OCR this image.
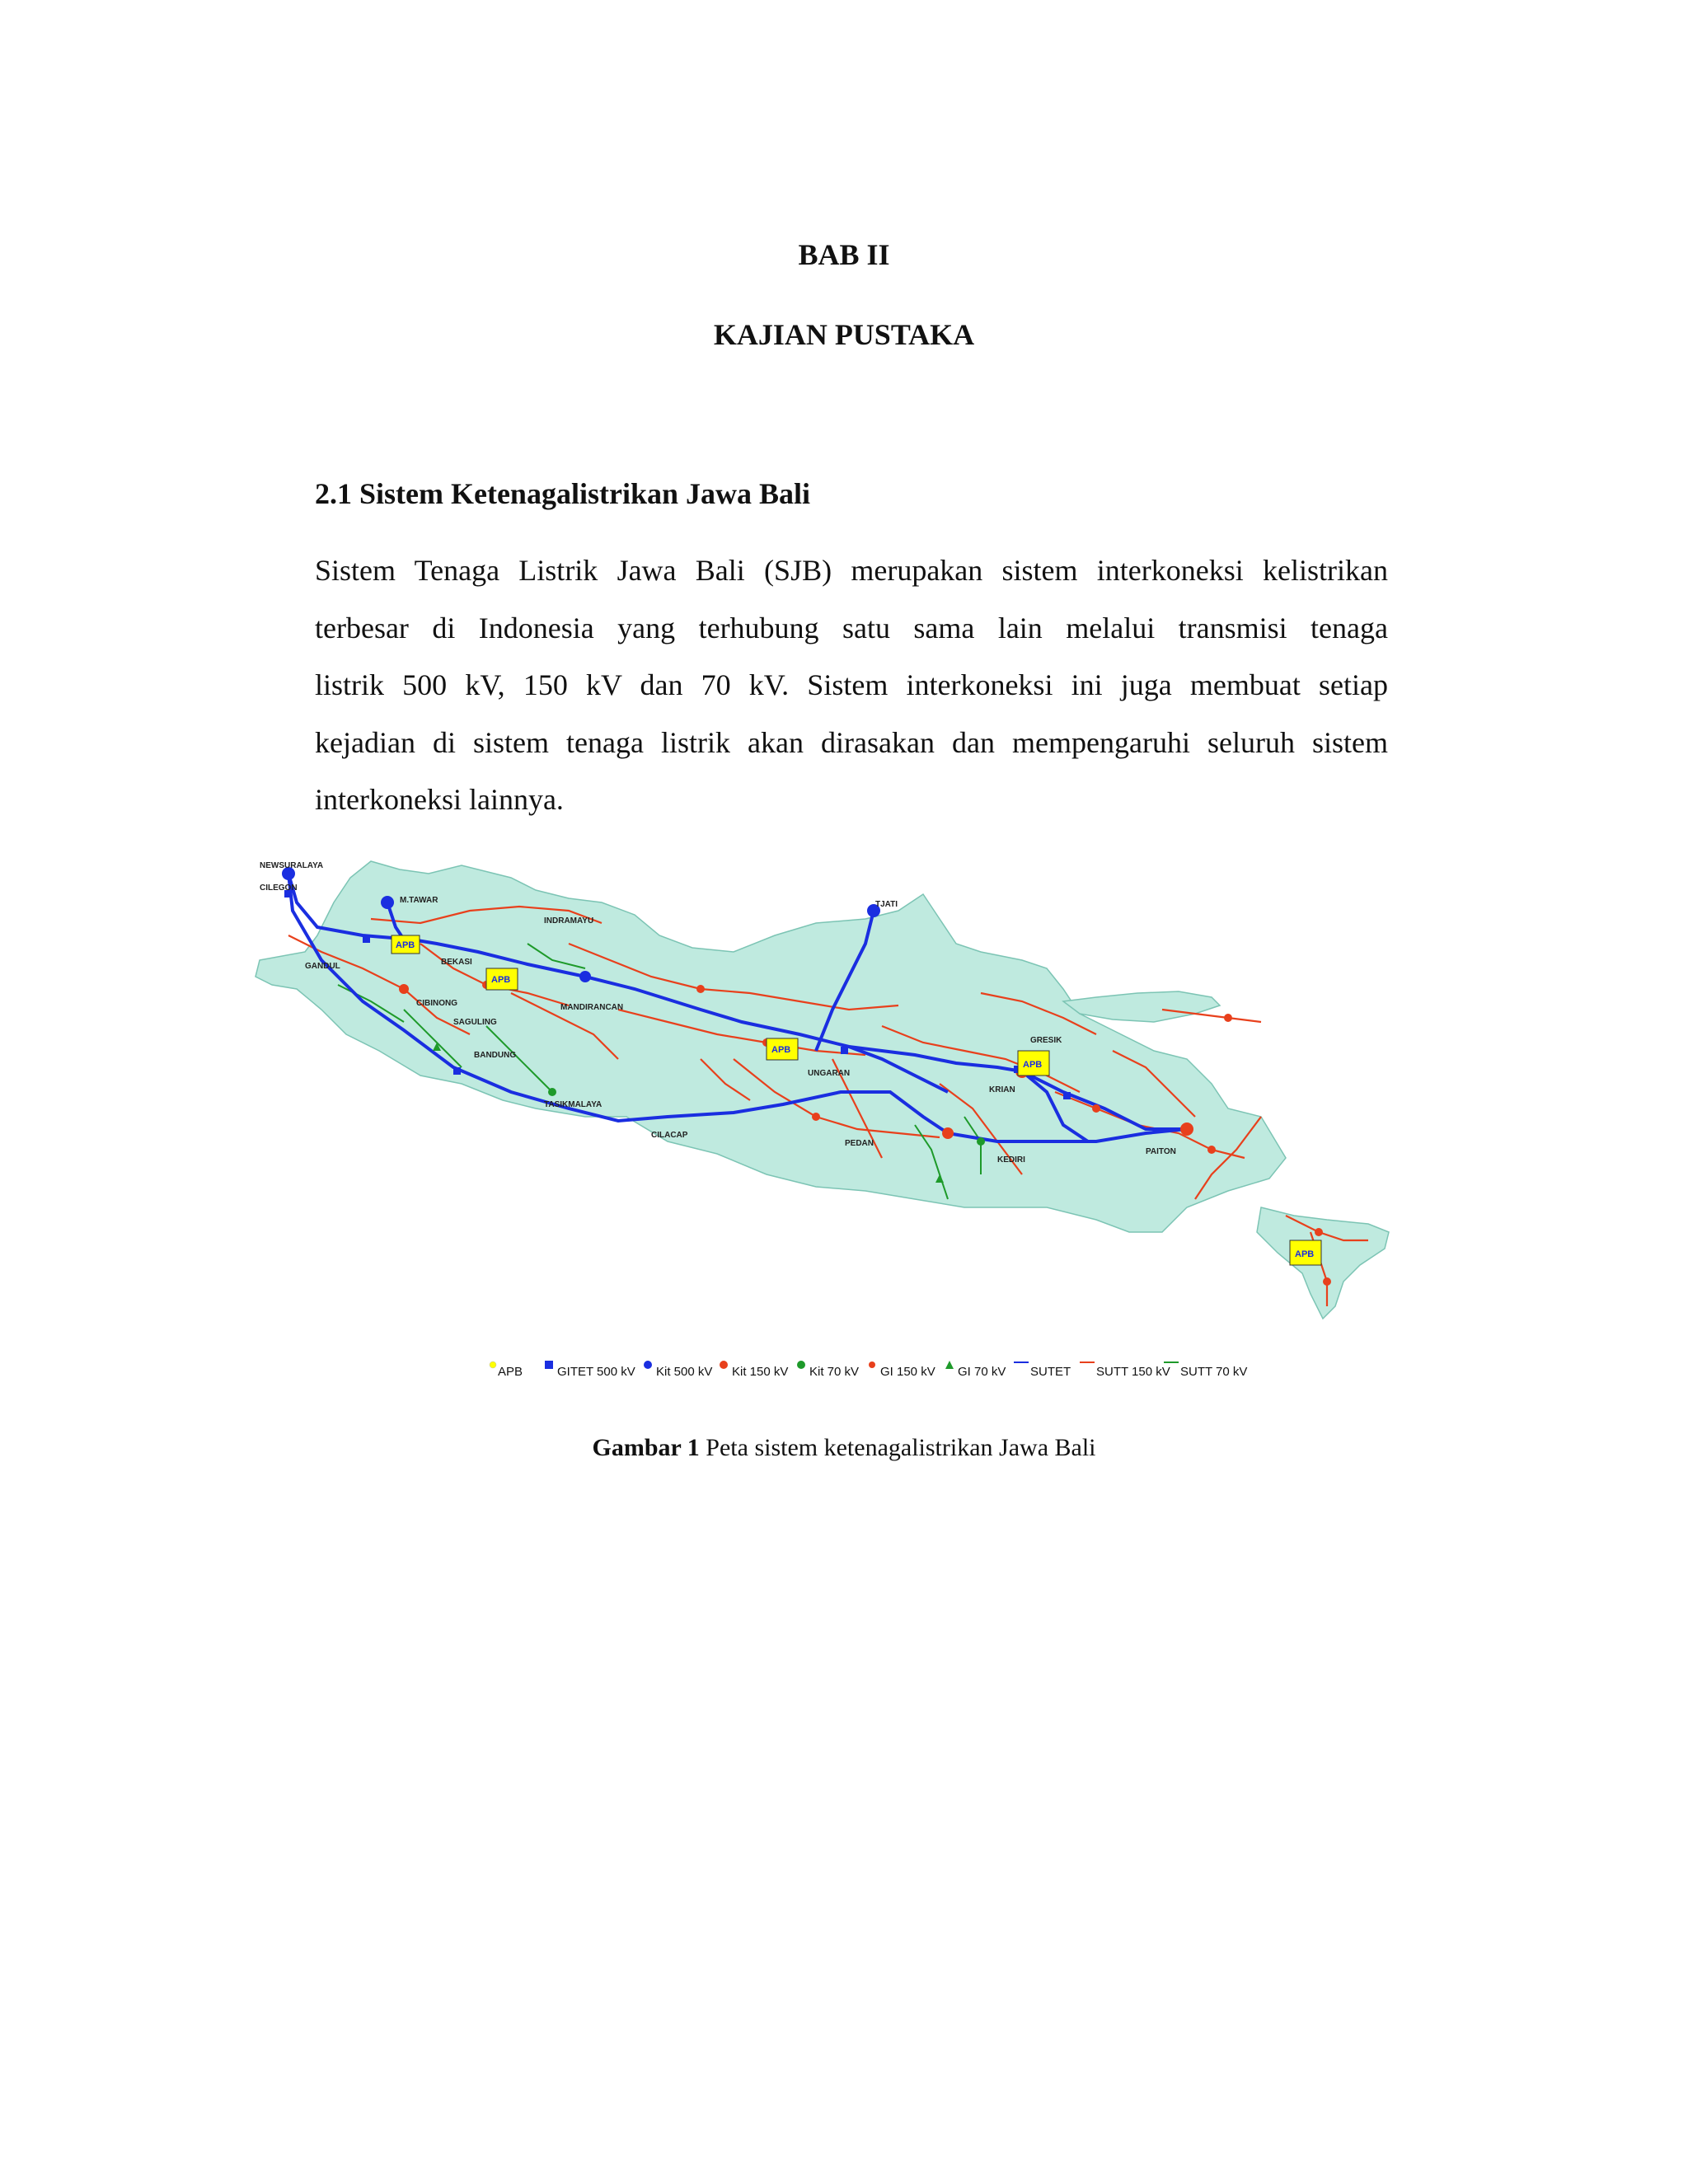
BAB II
KAJIAN PUSTAKA
2.1 Sistem Ketenagalistrikan Jawa Bali
Sistem Tenaga Listrik Jawa Bali (SJB) merupakan sistem interkoneksi kelistrikan
terbesar di Indonesia yang terhubung satu sama lain melalui transmisi tenaga
listrik 500 kV, 150 kV dan 70 kV. Sistem interkoneksi ini juga membuat setiap
kejadian di sistem tenaga listrik akan dirasakan dan mempengaruhi seluruh sistem
interkoneksi lainnya.
APB
APB
APB
APB
APB
NEWSURALAYA
CILEGON
GANDUL
CIBINONG
BEKASI
SAGULING
BANDUNG
TASIKMALAYA
MANDIRANCAN
UNGARAN
PEDAN
KEDIRI
KRIAN
GRESIK
PAITON
TJATI
CILACAP
INDRAMAYU
M.TAWAR
APB	GITET 500 kV Kit 500 kV Kit 150 kV Kit 70 kV GI 150 kV GI 70 kV SUTET SUTT 150 kV SUTT 70 kV
Gambar 1 Peta sistem ketenagalistrikan Jawa Bali
